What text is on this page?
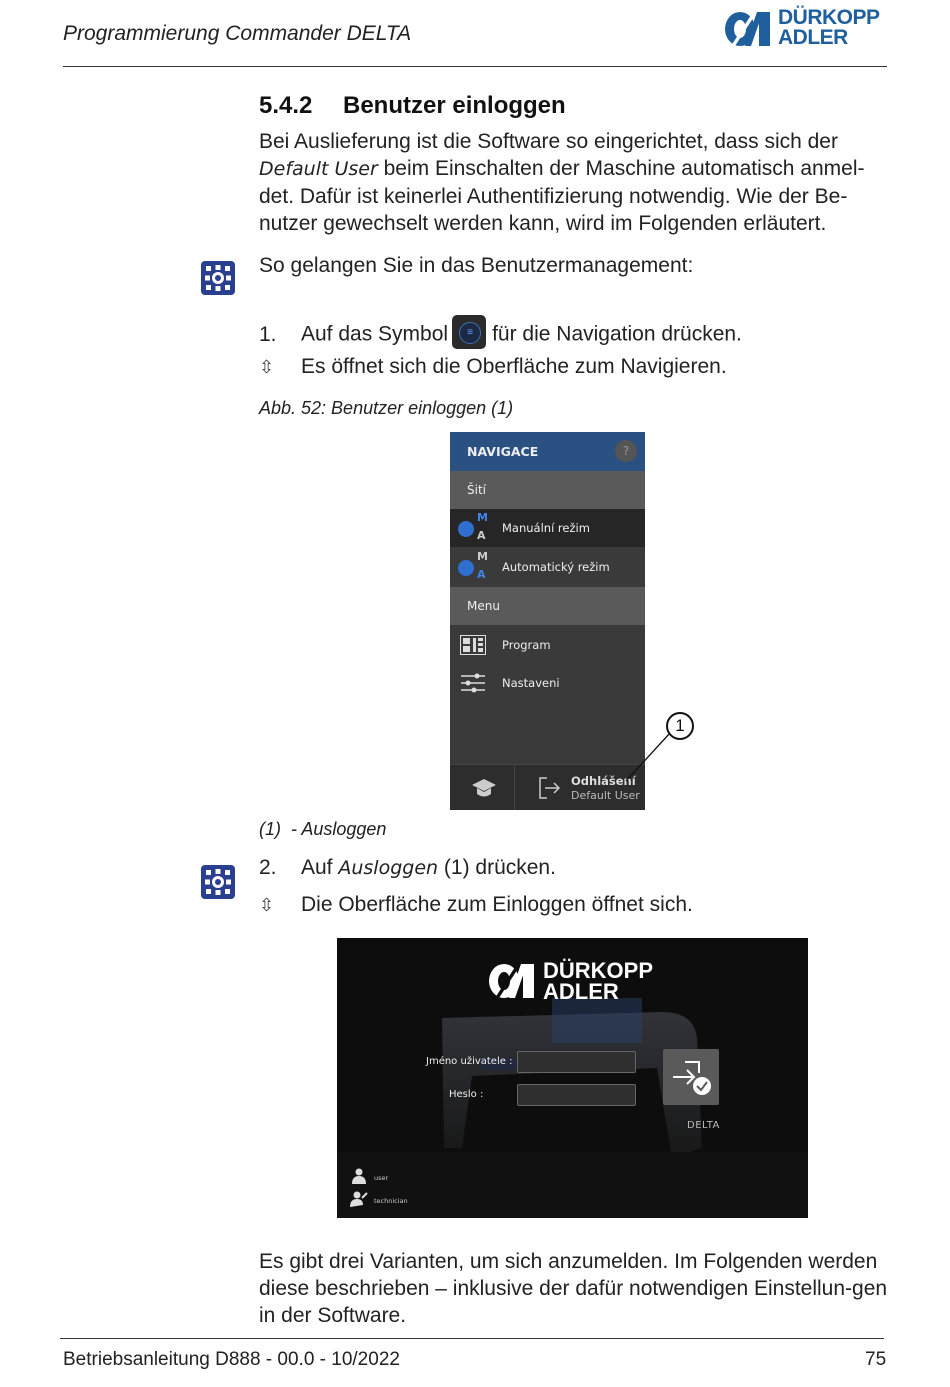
Programmierung Commander DELTA
DÜRKOPP
ADLER
5.4.2 Benutzer einloggen
Bei Auslieferung ist die Software so eingerichtet, dass sich der
Default User beim Einschalten der Maschine automatisch anmel-det. Dafür ist keinerlei Authentifizierung notwendig. Wie der Be-nutzer gewechselt werden kann, wird im Folgenden erläutert.
So gelangen Sie in das Benutzermanagement:
1. Auf das Symbol	≡ für die Navigation drücken.
⇳ Es öffnet sich die Oberfläche zum Navigieren.
Abb. 52: Benutzer einloggen (1)
NAVIGACE	?
Šití
M
A
Manuální režim
M
A
Automatický režim
Menu
Program
Nastaveni
Odhlášení
Default User
1
(1) - Ausloggen
2. Auf Ausloggen (1) drücken.
⇳ Die Oberfläche zum Einloggen öffnet sich.
DÜRKOPP
ADLER
Jméno uživatele :
Heslo :
DELTA
user
technician
Es gibt drei Varianten, um sich anzumelden. Im Folgenden werden diese beschrieben – inklusive der dafür notwendigen Einstellun-gen in der Software.
Betriebsanleitung D888 - 00.0 - 10/2022	75
